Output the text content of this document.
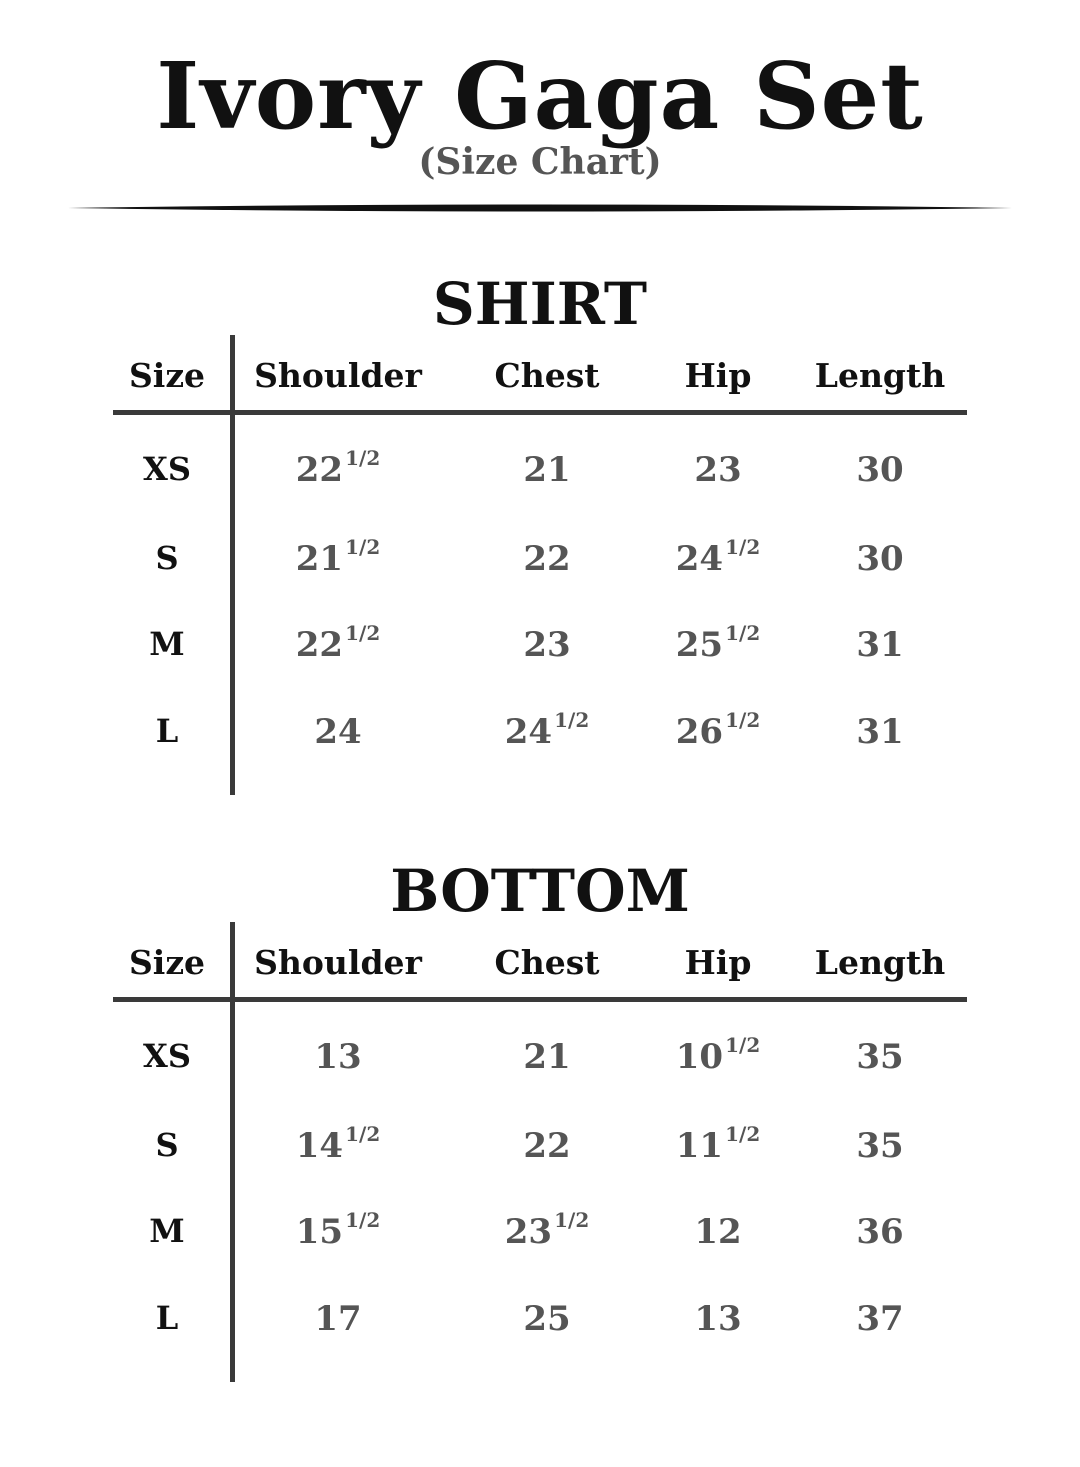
Ivory Gaga Set
(Size Chart)
SHIRT
Size Shoulder Chest	Hip Length
XS	22 $^{1/2}$	21	23	30
S	21 $^{1/2}$	22	24 $^{1/2}$	30
M	22 $^{1/2}$	23	25 $^{1/2}$	31
L	24	24 $^{1/2}$	26 $^{1/2}$	31
BOTTOM
Size Shoulder Chest	Hip Length
XS	13	21	10 $^{1/2}$	35
S	14 $^{1/2}$	22	11 $^{1/2}$	35
M	15 $^{1/2}$	23 $^{1/2}$	12	36
L	17	25	13	37
